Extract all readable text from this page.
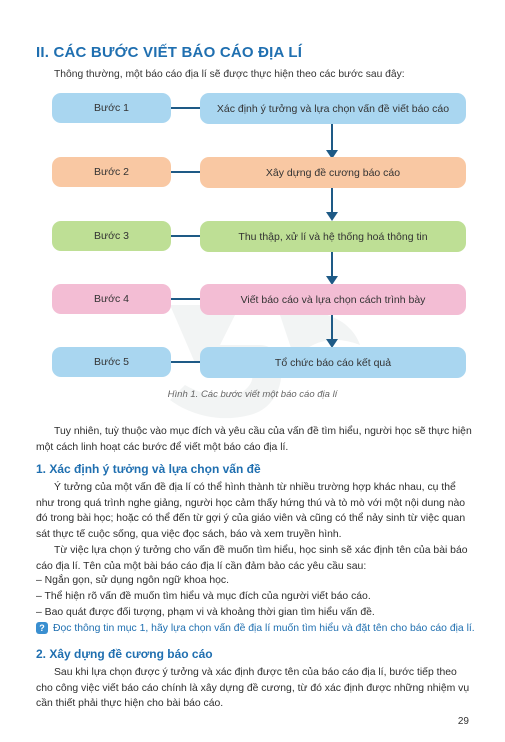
II. CÁC BƯỚC VIẾT BÁO CÁO ĐỊA LÍ
Thông thường, một báo cáo địa lí sẽ được thực hiện theo các bước sau đây:
Bước 1	Xác định ý tưởng và lựa chọn vấn đề viết báo cáo
Bước 2	Xây dựng đề cương báo cáo
Bước 3	Thu thập, xử lí và hệ thống hoá thông tin
Bước 4	Viết báo cáo và lựa chọn cách trình bày
Bước 5	Tổ chức báo cáo kết quả
Hình 1. Các bước viết một báo cáo địa lí

Tuy nhiên, tuỳ thuộc vào mục đích và yêu cầu của vấn đề tìm hiểu, người học sẽ thực hiện một cách linh hoạt các bước để viết một báo cáo địa lí.

1. Xác định ý tưởng và lựa chọn vấn đề

Ý tưởng của một vấn đề địa lí có thể hình thành từ nhiều trường hợp khác nhau, cụ thể như trong quá trình nghe giảng, người học cảm thấy hứng thú và tò mò với một nội dung nào đó trong bài học; hoặc có thể đến từ gợi ý của giáo viên và cũng có thể nảy sinh từ việc quan sát thực tế cuộc sống, qua việc đọc sách, báo và xem truyền hình.

Từ việc lựa chọn ý tưởng cho vấn đề muốn tìm hiểu, học sinh sẽ xác định tên của bài báo cáo địa lí. Tên của một bài báo cáo địa lí cần đảm bảo các yêu cầu sau:

– Ngắn gọn, sử dụng ngôn ngữ khoa học.
– Thể hiện rõ vấn đề muốn tìm hiểu và mục đích của người viết báo cáo.
– Bao quát được đối tượng, phạm vi và khoảng thời gian tìm hiểu vấn đề.
? Đọc thông tin mục 1, hãy lựa chọn vấn đề địa lí muốn tìm hiểu và đặt tên cho báo cáo địa lí.
2. Xây dựng đề cương báo cáo

Sau khi lựa chọn được ý tưởng và xác định được tên của báo cáo địa lí, bước tiếp theo cho công việc viết báo cáo chính là xây dựng đề cương, từ đó xác định được những nhiệm vụ cần thiết phải thực hiện cho bài báo cáo.

29
